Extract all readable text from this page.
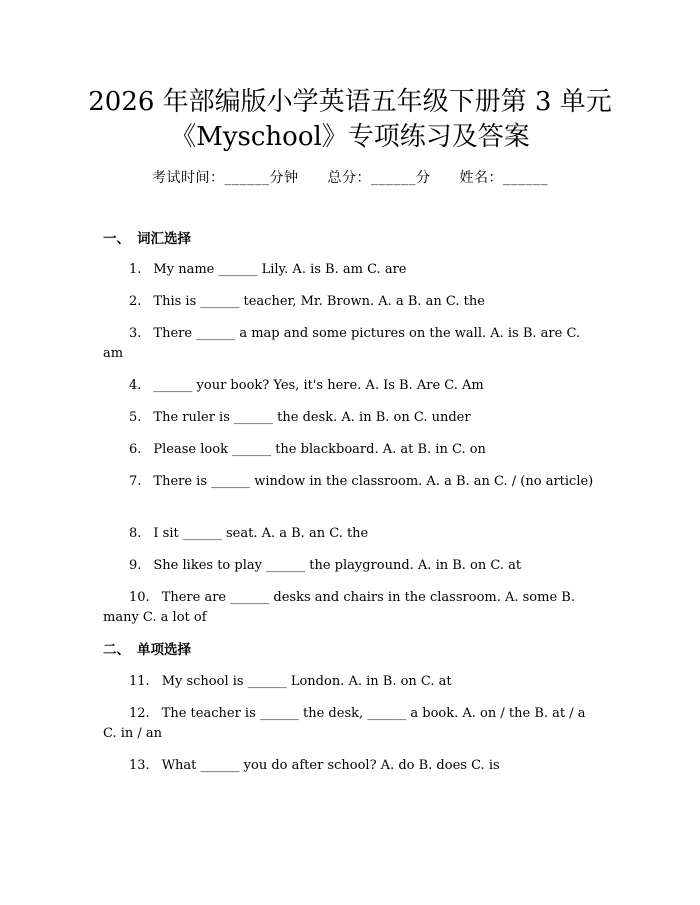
2026 年部编版小学英语五年级下册第 3 单元
《Myschool》专项练习及答案
考试时间：______分钟 总分：______分 姓名：______
一、 词汇选择
1. My name ______ Lily. A. is B. am C. are
2. This is ______ teacher, Mr. Brown. A. a B. an C. the
3. There ______ a map and some pictures on the wall. A. is B. are C. am
4. ______ your book? Yes, it's here. A. Is B. Are C. Am
5. The ruler is ______ the desk. A. in B. on C. under
6. Please look ______ the blackboard. A. at B. in C. on
7. There is ______ window in the classroom. A. a B. an C. / (no article)
8. I sit ______ seat. A. a B. an C. the
9. She likes to play ______ the playground. A. in B. on C. at
10. There are ______ desks and chairs in the classroom. A. some B. many C. a lot of
二、 单项选择
11. My school is ______ London. A. in B. on C. at
12. The teacher is ______ the desk, ______ a book. A. on / the B. at / a C. in / an
13. What ______ you do after school? A. do B. does C. is
